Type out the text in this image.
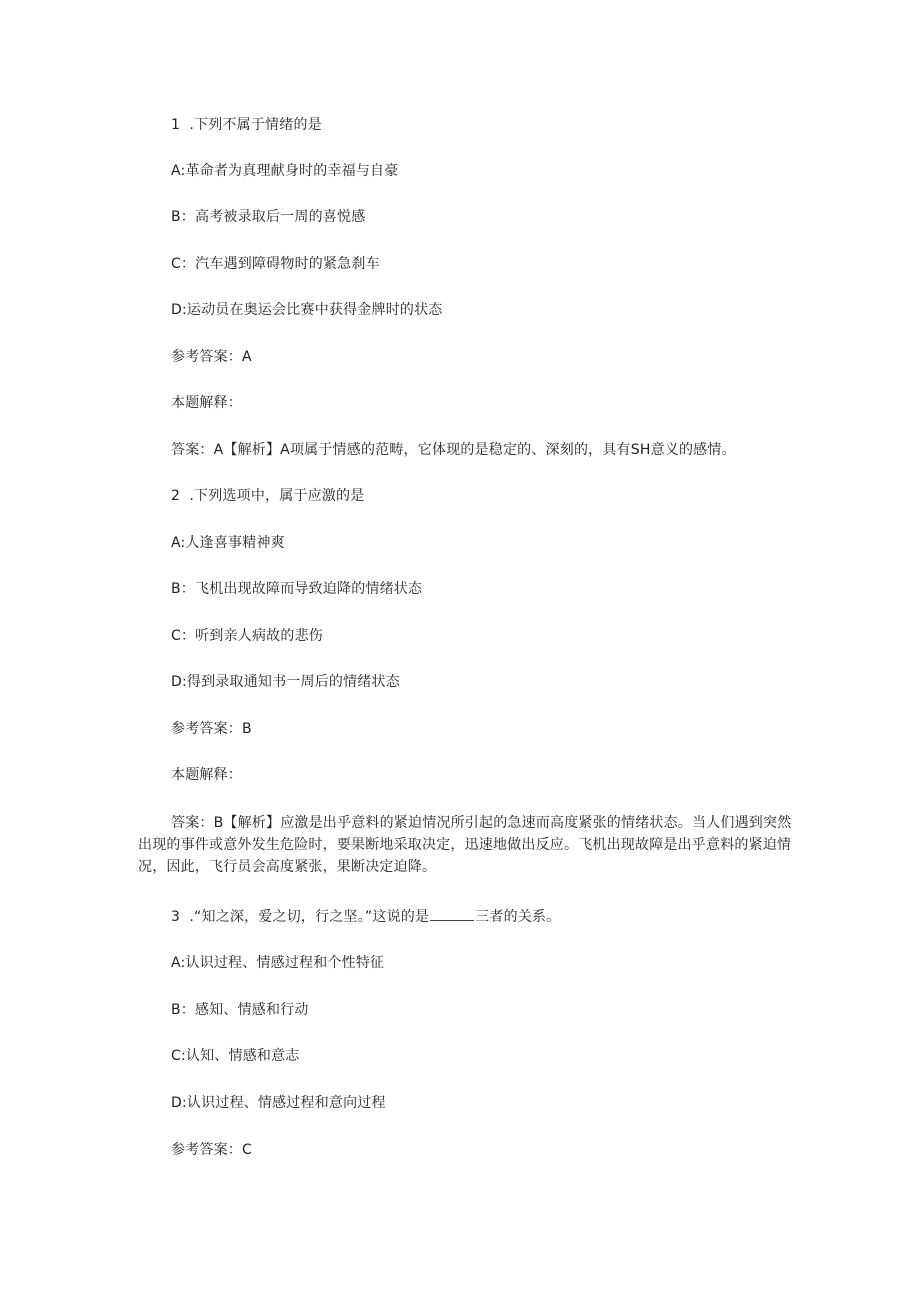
1  .下列不属于情绪的是
A:革命者为真理献身时的幸福与自豪
B：高考被录取后一周的喜悦感
C：汽车遇到障碍物时的紧急刹车
D:运动员在奥运会比赛中获得金牌时的状态
参考答案：A
本题解释：
答案：A【解析】A项属于情感的范畴，它体现的是稳定的、深刻的，具有SH意义的感情。
2  .下列选项中，属于应激的是
A:人逢喜事精神爽
B：飞机出现故障而导致迫降的情绪状态
C：听到亲人病故的悲伤
D:得到录取通知书一周后的情绪状态
参考答案：B
本题解释：
答案：B【解析】应激是出乎意料的紧迫情况所引起的急速而高度紧张的情绪状态。当人们遇到突然出现的事件或意外发生危险时，要果断地采取决定，迅速地做出反应。飞机出现故障是出乎意料的紧迫情况，因此，飞行员会高度紧张，果断决定迫降。
3  .“知之深，爱之切，行之坚。”这说的是	三者的关系。
A:认识过程、情感过程和个性特征
B：感知、情感和行动
C:认知、情感和意志
D:认识过程、情感过程和意向过程
参考答案：C
